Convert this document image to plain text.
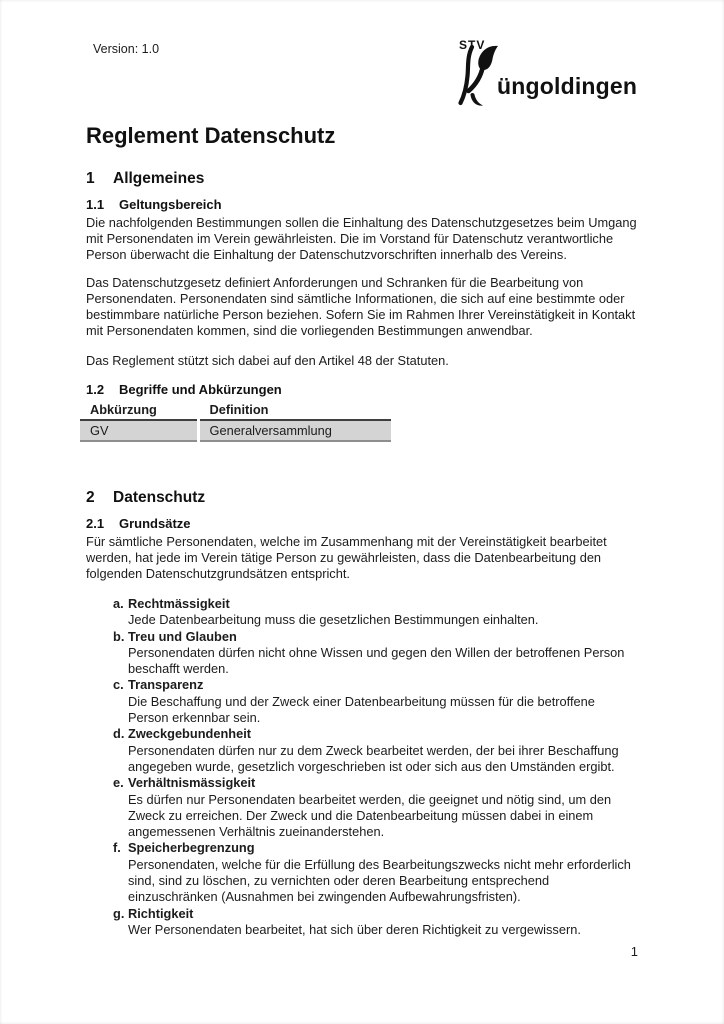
Version: 1.0	STV
üngoldingen
Reglement Datenschutz
1 Allgemeines
1.1 Geltungsbereich

Die nachfolgenden Bestimmungen sollen die Einhaltung des Datenschutzgesetzes beim Umgang mit Personendaten im Verein gewährleisten. Die im Vorstand für Datenschutz verantwortliche Person überwacht die Einhaltung der Datenschutzvorschriften innerhalb des Vereins.

Das Datenschutzgesetz definiert Anforderungen und Schranken für die Bearbeitung von Personendaten. Personendaten sind sämtliche Informationen, die sich auf eine bestimmte oder bestimmbare natürliche Person beziehen. Sofern Sie im Rahmen Ihrer Vereinstätigkeit in Kontakt mit Personendaten kommen, sind die vorliegenden Bestimmungen anwendbar.

Das Reglement stützt sich dabei auf den Artikel 48 der Statuten.

1.2 Begriffe und Abkürzungen
Abkürzung	Definition
GV	Generalversammlung
2 Datenschutz
2.1 Grundsätze

Für sämtliche Personendaten, welche im Zusammenhang mit der Vereinstätigkeit bearbeitet werden, hat jede im Verein tätige Person zu gewährleisten, dass die Datenbearbeitung den folgenden Datenschutzgrundsätzen entspricht.

a. Rechtmässigkeit
Jede Datenbearbeitung muss die gesetzlichen Bestimmungen einhalten.
b. Treu und Glauben
Personendaten dürfen nicht ohne Wissen und gegen den Willen der betroffenen Person beschafft werden.
c. Transparenz
Die Beschaffung und der Zweck einer Datenbearbeitung müssen für die betroffene Person erkennbar sein.
d. Zweckgebundenheit
Personendaten dürfen nur zu dem Zweck bearbeitet werden, der bei ihrer Beschaffung angegeben wurde, gesetzlich vorgeschrieben ist oder sich aus den Umständen ergibt.
e. Verhältnismässigkeit
Es dürfen nur Personendaten bearbeitet werden, die geeignet und nötig sind, um den Zweck zu erreichen. Der Zweck und die Datenbearbeitung müssen dabei in einem angemessenen Verhältnis zueinanderstehen.
f. Speicherbegrenzung
Personendaten, welche für die Erfüllung des Bearbeitungszwecks nicht mehr erforderlich sind, sind zu löschen, zu vernichten oder deren Bearbeitung entsprechend einzuschränken (Ausnahmen bei zwingenden Aufbewahrungsfristen).
g. Richtigkeit
Wer Personendaten bearbeitet, hat sich über deren Richtigkeit zu vergewissern.
1
